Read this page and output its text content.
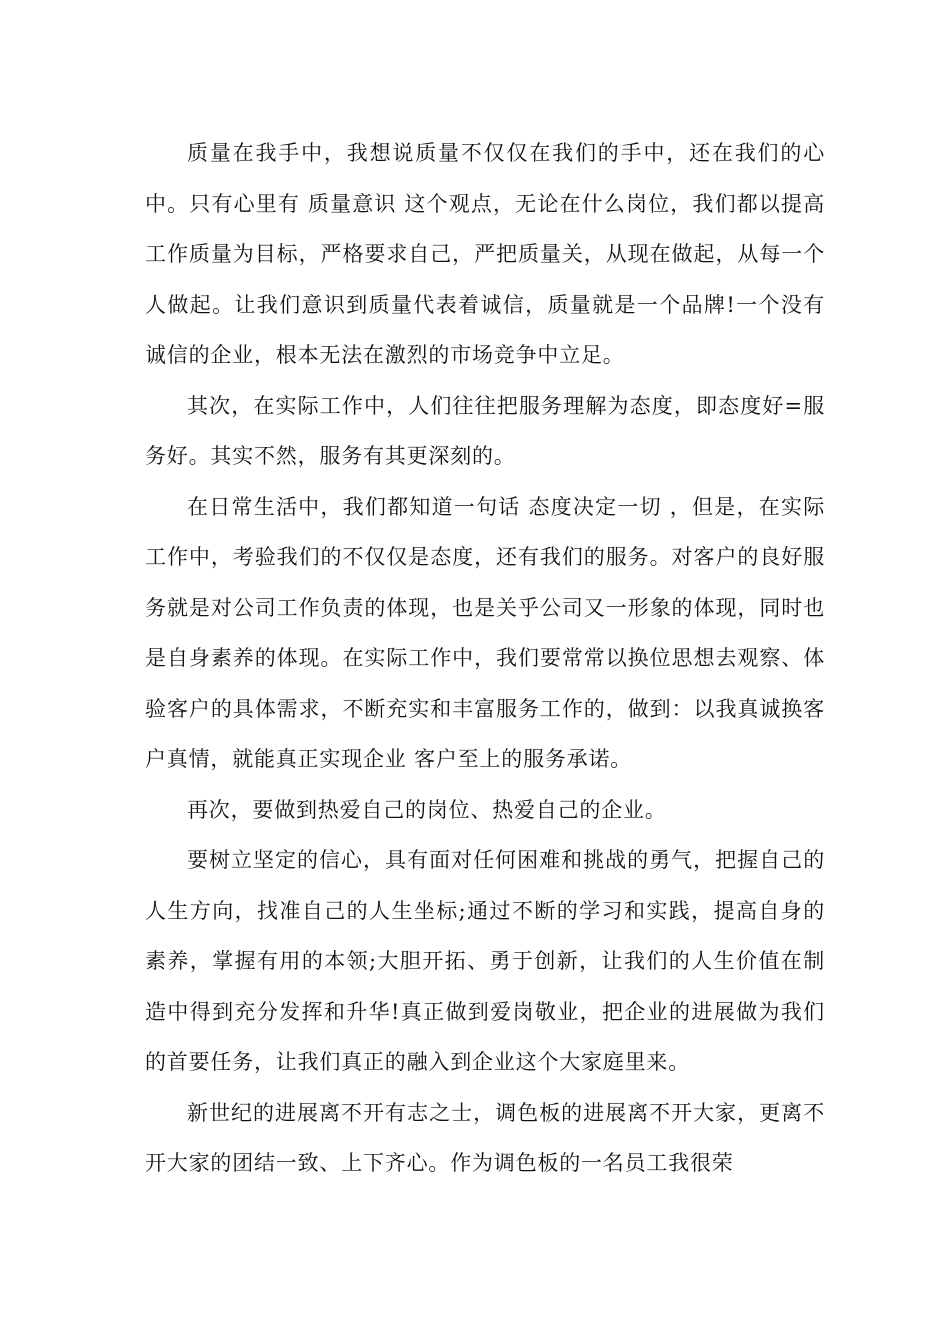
质量在我手中，我想说质量不仅仅在我们的手中，还在我们的心中。只有心里有 质量意识 这个观点，无论在什么岗位，我们都以提高工作质量为目标，严格要求自己，严把质量关，从现在做起，从每一个人做起。让我们意识到质量代表着诚信，质量就是一个品牌!一个没有诚信的企业，根本无法在激烈的市场竞争中立足。

其次，在实际工作中，人们往往把服务理解为态度，即态度好=服务好。其实不然，服务有其更深刻的。

在日常生活中，我们都知道一句话 态度决定一切 ，但是，在实际工作中，考验我们的不仅仅是态度，还有我们的服务。对客户的良好服务就是对公司工作负责的体现，也是关乎公司又一形象的体现，同时也是自身素养的体现。在实际工作中，我们要常常以换位思想去观察、体验客户的具体需求，不断充实和丰富服务工作的，做到：以我真诚换客户真情，就能真正实现企业 客户至上的服务承诺。

再次，要做到热爱自己的岗位、热爱自己的企业。

要树立坚定的信心，具有面对任何困难和挑战的勇气，把握自己的人生方向，找准自己的人生坐标;通过不断的学习和实践，提高自身的素养，掌握有用的本领;大胆开拓、勇于创新，让我们的人生价值在制造中得到充分发挥和升华!真正做到爱岗敬业，把企业的进展做为我们的首要任务，让我们真正的融入到企业这个大家庭里来。

新世纪的进展离不开有志之士，调色板的进展离不开大家，更离不开大家的团结一致、上下齐心。作为调色板的一名员工我很荣
